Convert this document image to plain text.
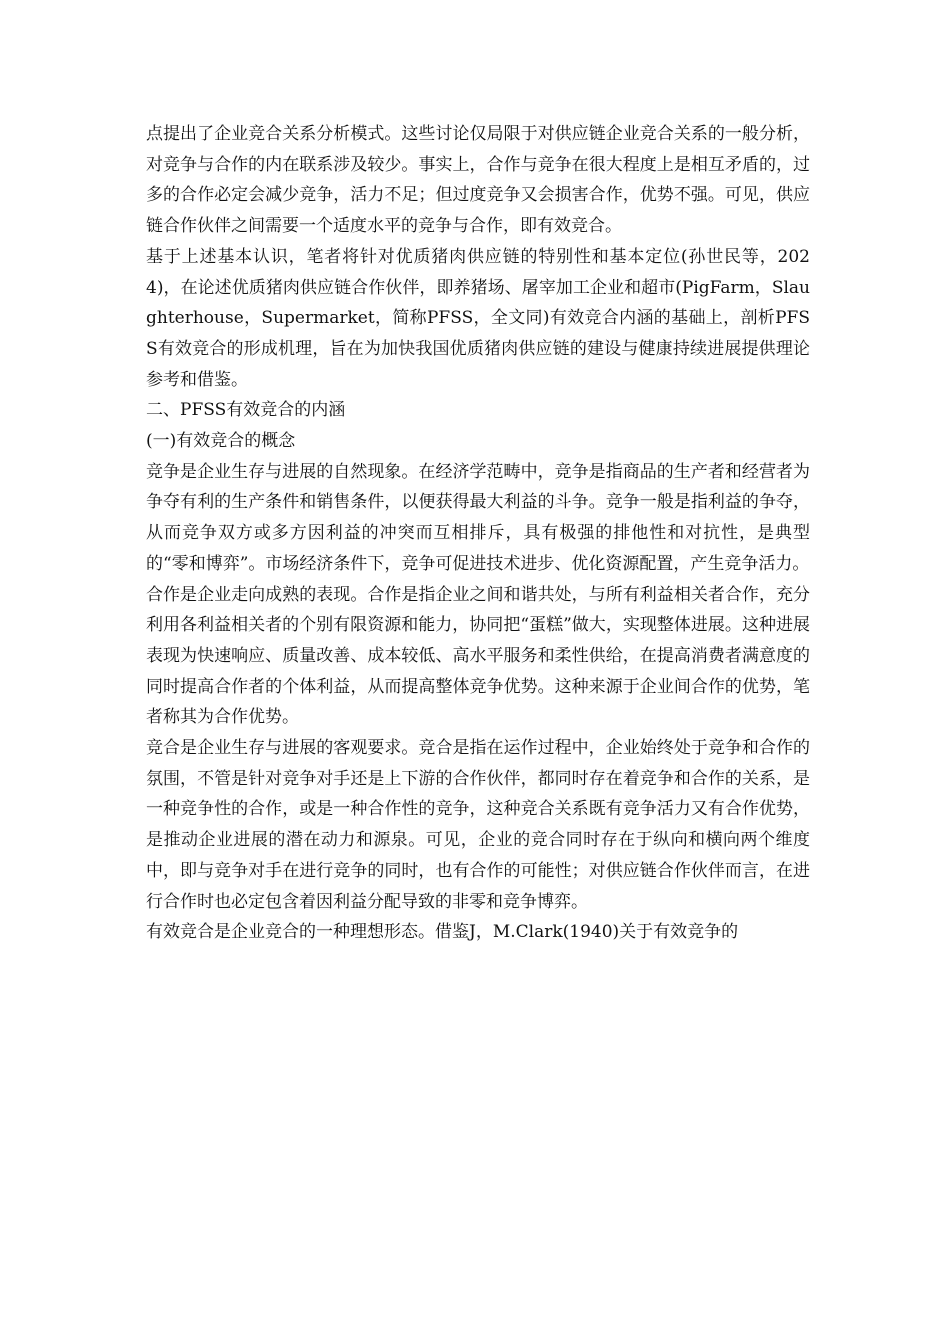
点提出了企业竞合关系分析模式。这些讨论仅局限于对供应链企业竞合关系的一般分析，对竞争与合作的内在联系涉及较少。事实上，合作与竞争在很大程度上是相互矛盾的，过多的合作必定会减少竞争，活力不足；但过度竞争又会损害合作，优势不强。可见，供应链合作伙伴之间需要一个适度水平的竞争与合作，即有效竞合。

基于上述基本认识，笔者将针对优质猪肉供应链的特别性和基本定位(孙世民等，2024)，在论述优质猪肉供应链合作伙伴，即养猪场、屠宰加工企业和超市(PigFarm，Slaughterhouse，Supermarket，简称PFSS，全文同)有效竞合内涵的基础上，剖析PFSS有效竞合的形成机理，旨在为加快我国优质猪肉供应链的建设与健康持续进展提供理论参考和借鉴。

二、PFSS有效竞合的内涵
(一)有效竞合的概念

竞争是企业生存与进展的自然现象。在经济学范畴中，竞争是指商品的生产者和经营者为争夺有利的生产条件和销售条件，以便获得最大利益的斗争。竞争一般是指利益的争夺，从而竞争双方或多方因利益的冲突而互相排斥，具有极强的排他性和对抗性，是典型的“零和博弈”。市场经济条件下，竞争可促进技术进步、优化资源配置，产生竞争活力。

合作是企业走向成熟的表现。合作是指企业之间和谐共处，与所有利益相关者合作，充分利用各利益相关者的个别有限资源和能力，协同把“蛋糕”做大，实现整体进展。这种进展表现为快速响应、质量改善、成本较低、高水平服务和柔性供给，在提高消费者满意度的同时提高合作者的个体利益，从而提高整体竞争优势。这种来源于企业间合作的优势，笔者称其为合作优势。

竞合是企业生存与进展的客观要求。竞合是指在运作过程中，企业始终处于竞争和合作的氛围，不管是针对竞争对手还是上下游的合作伙伴，都同时存在着竞争和合作的关系，是一种竞争性的合作，或是一种合作性的竞争，这种竞合关系既有竞争活力又有合作优势，是推动企业进展的潜在动力和源泉。可见，企业的竞合同时存在于纵向和横向两个维度中，即与竞争对手在进行竞争的同时，也有合作的可能性；对供应链合作伙伴而言，在进行合作时也必定包含着因利益分配导致的非零和竞争博弈。

有效竞合是企业竞合的一种理想形态。借鉴J，M.Clark(1940)关于有效竞争的
